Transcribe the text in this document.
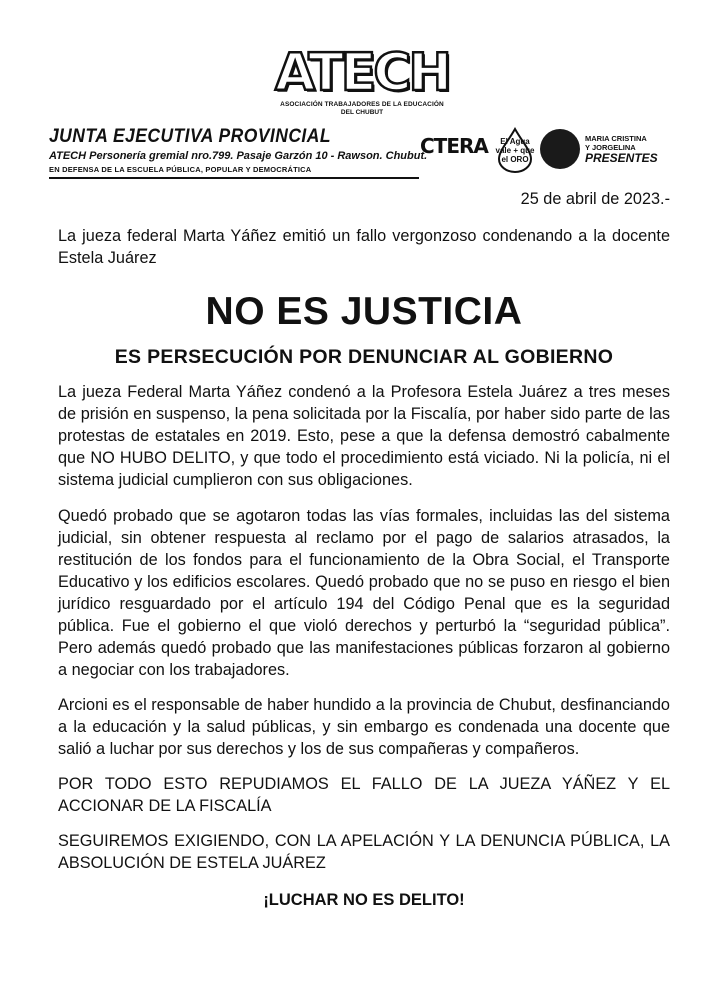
ATECH
ASOCIACIÓN TRABAJADORES DE LA EDUCACIÓN
DEL CHUBUT
JUNTA EJECUTIVA PROVINCIAL
ATECH Personería gremial nro.799. Pasaje Garzón 10 - Rawson. Chubut.
EN DEFENSA DE LA ESCUELA PÚBLICA, POPULAR Y DEMOCRÁTICA
CTERA	El Agua vale + que el ORO
MARIA CRISTINA
Y JORGELINA
PRESENTES
25 de abril de 2023.-

La jueza federal Marta Yáñez emitió un fallo vergonzoso condenando a la docente Estela Juárez

NO ES JUSTICIA
ES PERSECUCIÓN POR DENUNCIAR AL GOBIERNO

La jueza Federal Marta Yáñez condenó a la Profesora Estela Juárez a tres meses de prisión en suspenso, la pena solicitada por la Fiscalía, por haber sido parte de las protestas de estatales en 2019. Esto, pese a que la defensa demostró cabalmente que NO HUBO DELITO, y que todo el procedimiento está viciado. Ni la policía, ni el sistema judicial cumplieron con sus obligaciones.

Quedó probado que se agotaron todas las vías formales, incluidas las del sistema judicial, sin obtener respuesta al reclamo por el pago de salarios atrasados, la restitución de los fondos para el funcionamiento de la Obra Social, el Transporte Educativo y los edificios escolares. Quedó probado que no se puso en riesgo el bien jurídico resguardado por el artículo 194 del Código Penal que es la seguridad pública. Fue el gobierno el que violó derechos y perturbó la “seguridad pública”. Pero además quedó probado que las manifestaciones públicas forzaron al gobierno a negociar con los trabajadores.

Arcioni es el responsable de haber hundido a la provincia de Chubut, desfinanciando a la educación y la salud públicas, y sin embargo es condenada una docente que salió a luchar por sus derechos y los de sus compañeras y compañeros.

POR TODO ESTO REPUDIAMOS EL FALLO DE LA JUEZA YÁÑEZ Y EL ACCIONAR DE LA FISCALÍA

SEGUIREMOS EXIGIENDO, CON LA APELACIÓN Y LA DENUNCIA PÚBLICA, LA ABSOLUCIÓN DE ESTELA JUÁREZ

¡LUCHAR NO ES DELITO!
